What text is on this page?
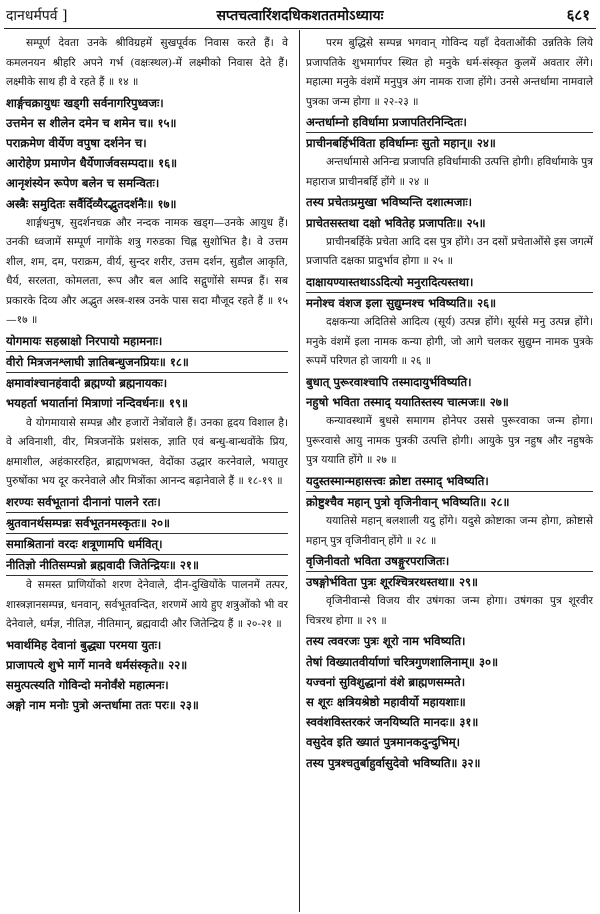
दानधर्मपर्व ]	सप्तचत्वारिंशदधिकशततमोऽध्यायः	६८१
सम्पूर्ण देवता उनके श्रीविग्रहमें सुखपूर्वक निवास करते हैं। वे कमलनयन श्रीहरि अपने गर्भ (वक्षःस्थल)-में लक्ष्मीको निवास देते हैं। लक्ष्मीके साथ ही वे रहते हैं ॥ १४ ॥
शार्ङ्गचक्रायुधः खड्गी सर्वनागरिपुध्वजः।
उत्तमेन स शीलेन दमेन च शमेन च॥ १५॥
पराक्रमेण वीर्येण वपुषा दर्शनेन च।
आरोहेण प्रमाणेन धैर्येणार्जवसम्पदा॥ १६॥
आनृशंस्येन रूपेण बलेन च समन्वितः।
अस्त्रैः समुदितः सर्वैर्दिव्यैरद्भुतदर्शनैः॥ १७॥
शार्ङ्गधनुष, सुदर्शनचक्र और नन्दक नामक खड्ग—उनके आयुध हैं। उनकी ध्वजामें सम्पूर्ण नागोंके शत्रु गरुडका चिह्न सुशोभित है। वे उत्तम शील, शम, दम, पराक्रम, वीर्य, सुन्दर शरीर, उत्तम दर्शन, सुडौल आकृति, धैर्य, सरलता, कोमलता, रूप और बल आदि सद्गुणोंसे सम्पन्न हैं। सब प्रकारके दिव्य और अद्भुत अस्त्र-शस्त्र उनके पास सदा मौजूद रहते हैं ॥ १५—१७ ॥
योगमायः सहस्राक्षो निरपायो महामनाः।
वीरो मित्रजनश्लाघी ज्ञातिबन्धुजनप्रियः॥ १८॥
क्षमावांश्चानहंवादी ब्रह्मण्यो ब्रह्मनायकः।
भयहर्ता भयार्तानां मित्राणां नन्दिवर्धनः॥ १९॥
वे योगमायासे सम्पन्न और हजारों नेत्रोंवाले हैं। उनका हृदय विशाल है। वे अविनाशी, वीर, मित्रजनोंके प्रशंसक, ज्ञाति एवं बन्धु-बान्धवोंके प्रिय, क्षमाशील, अहंकाररहित, ब्राह्मणभक्त, वेदोंका उद्धार करनेवाले, भयातुर पुरुषोंका भय दूर करनेवाले और मित्रोंका आनन्द बढ़ानेवाले हैं ॥ १८-१९ ॥
शरण्यः सर्वभूतानां दीनानां पालने रतः।
श्रुतवानर्थसम्पन्नः सर्वभूतनमस्कृतः॥ २०॥
समाश्रितानां वरदः शत्रूणामपि धर्मवित्।
नीतिज्ञो नीतिसम्पन्नो ब्रह्मवादी जितेन्द्रियः॥ २१॥
वे समस्त प्राणियोंको शरण देनेवाले, दीन-दुखियोंके पालनमें तत्पर, शास्त्रज्ञानसम्पन्न, धनवान्, सर्वभूतवन्दित, शरणमें आये हुए शत्रुओंको भी वर देनेवाले, धर्मज्ञ, नीतिज्ञ, नीतिमान्, ब्रह्मवादी और जितेन्द्रिय हैं ॥ २०-२१ ॥
भवार्थमिह देवानां बुद्ध्या परमया युतः।
प्राजापत्ये शुभे मार्गे मानवे धर्मसंस्कृते॥ २२॥
समुत्पत्स्यति गोविन्दो मनोर्वंशे महात्मनः।
अङ्गो नाम मनोः पुत्रो अन्तर्धामा ततः परः॥ २३॥
परम बुद्धिसे सम्पन्न भगवान् गोविन्द यहाँ देवताओंकी उन्नतिके लिये प्रजापतिके शुभमार्गपर स्थित हो मनुके धर्म-संस्कृत कुलमें अवतार लेंगे। महात्मा मनुके वंशमें मनुपुत्र अंग नामक राजा होंगे। उनसे अन्तर्धामा नामवाले पुत्रका जन्म होगा ॥ २२-२३ ॥
अन्तर्धाम्नो हविर्धामा प्रजापतिरनिन्दितः।
प्राचीनबर्हिर्भविता हविर्धाम्नः सुतो महान्॥ २४॥
अन्तर्धामासे अनिन्द्य प्रजापति हविर्धामाकी उत्पत्ति होगी। हविर्धामाके पुत्र महाराज प्राचीनबर्हि होंगे ॥ २४ ॥
तस्य प्रचेतःप्रमुखा भविष्यन्ति दशात्मजाः।
प्राचेतसस्तथा दक्षो भवितेह प्रजापतिः॥ २५॥
प्राचीनबर्हिके प्रचेता आदि दस पुत्र होंगे। उन दसों प्रचेताओंसे इस जगत्में प्रजापति दक्षका प्रादुर्भाव होगा ॥ २५ ॥
दाक्षायण्यास्तथाऽऽदित्यो मनुरादित्यस्तथा।
मनोश्च वंशज इला सुद्युम्नश्च भविष्यति॥ २६॥
दक्षकन्या अदितिसे आदित्य (सूर्य) उत्पन्न होंगे। सूर्यसे मनु उत्पन्न होंगे। मनुके वंशमें इला नामक कन्या होगी, जो आगे चलकर सुद्युम्न नामक पुत्रके रूपमें परिणत हो जायगी ॥ २६ ॥
बुधात् पुरूरवाश्चापि तस्मादायुर्भविष्यति।
नहुषो भविता तस्माद् ययातिस्तस्य चात्मजः॥ २७॥
कन्यावस्थामें बुधसे समागम होनेपर उससे पुरूरवाका जन्म होगा। पुरूरवासे आयु नामक पुत्रकी उत्पत्ति होगी। आयुके पुत्र नहुष और नहुषके पुत्र ययाति होंगे ॥ २७ ॥
यदुस्तस्मान्महासत्त्वः क्रोष्टा तस्माद् भविष्यति।
क्रोष्टुश्चैव महान् पुत्रो वृजिनीवान् भविष्यति॥ २८॥
ययातिसे महान् बलशाली यदु होंगे। यदुसे क्रोष्टाका जन्म होगा, क्रोष्टासे महान् पुत्र वृजिनीवान् होंगे ॥ २८ ॥
वृजिनीवतो भविता उषङ्गुरपराजितः।
उषङ्गोर्भविता पुत्रः शूरश्चित्ररथस्तथा॥ २९॥
वृजिनीवान्से विजय वीर उषंगका जन्म होगा। उषंगका पुत्र शूरवीर चित्ररथ होगा ॥ २९ ॥
तस्य त्ववरजः पुत्रः शूरो नाम भविष्यति।
तेषां विख्यातवीर्याणां चरित्रगुणशालिनाम्॥ ३०॥
यज्वनां सुविशुद्धानां वंशे ब्राह्मणसम्मते।
स शूरः क्षत्रियश्रेष्ठो महावीर्यो महायशाः॥
स्ववंशविस्तरकरं जनयिष्यति मानदः॥ ३१॥
वसुदेव इति ख्यातं पुत्रमानकदुन्दुभिम्।
तस्य पुत्रश्चतुर्बाहुर्वासुदेवो भविष्यति॥ ३२॥
